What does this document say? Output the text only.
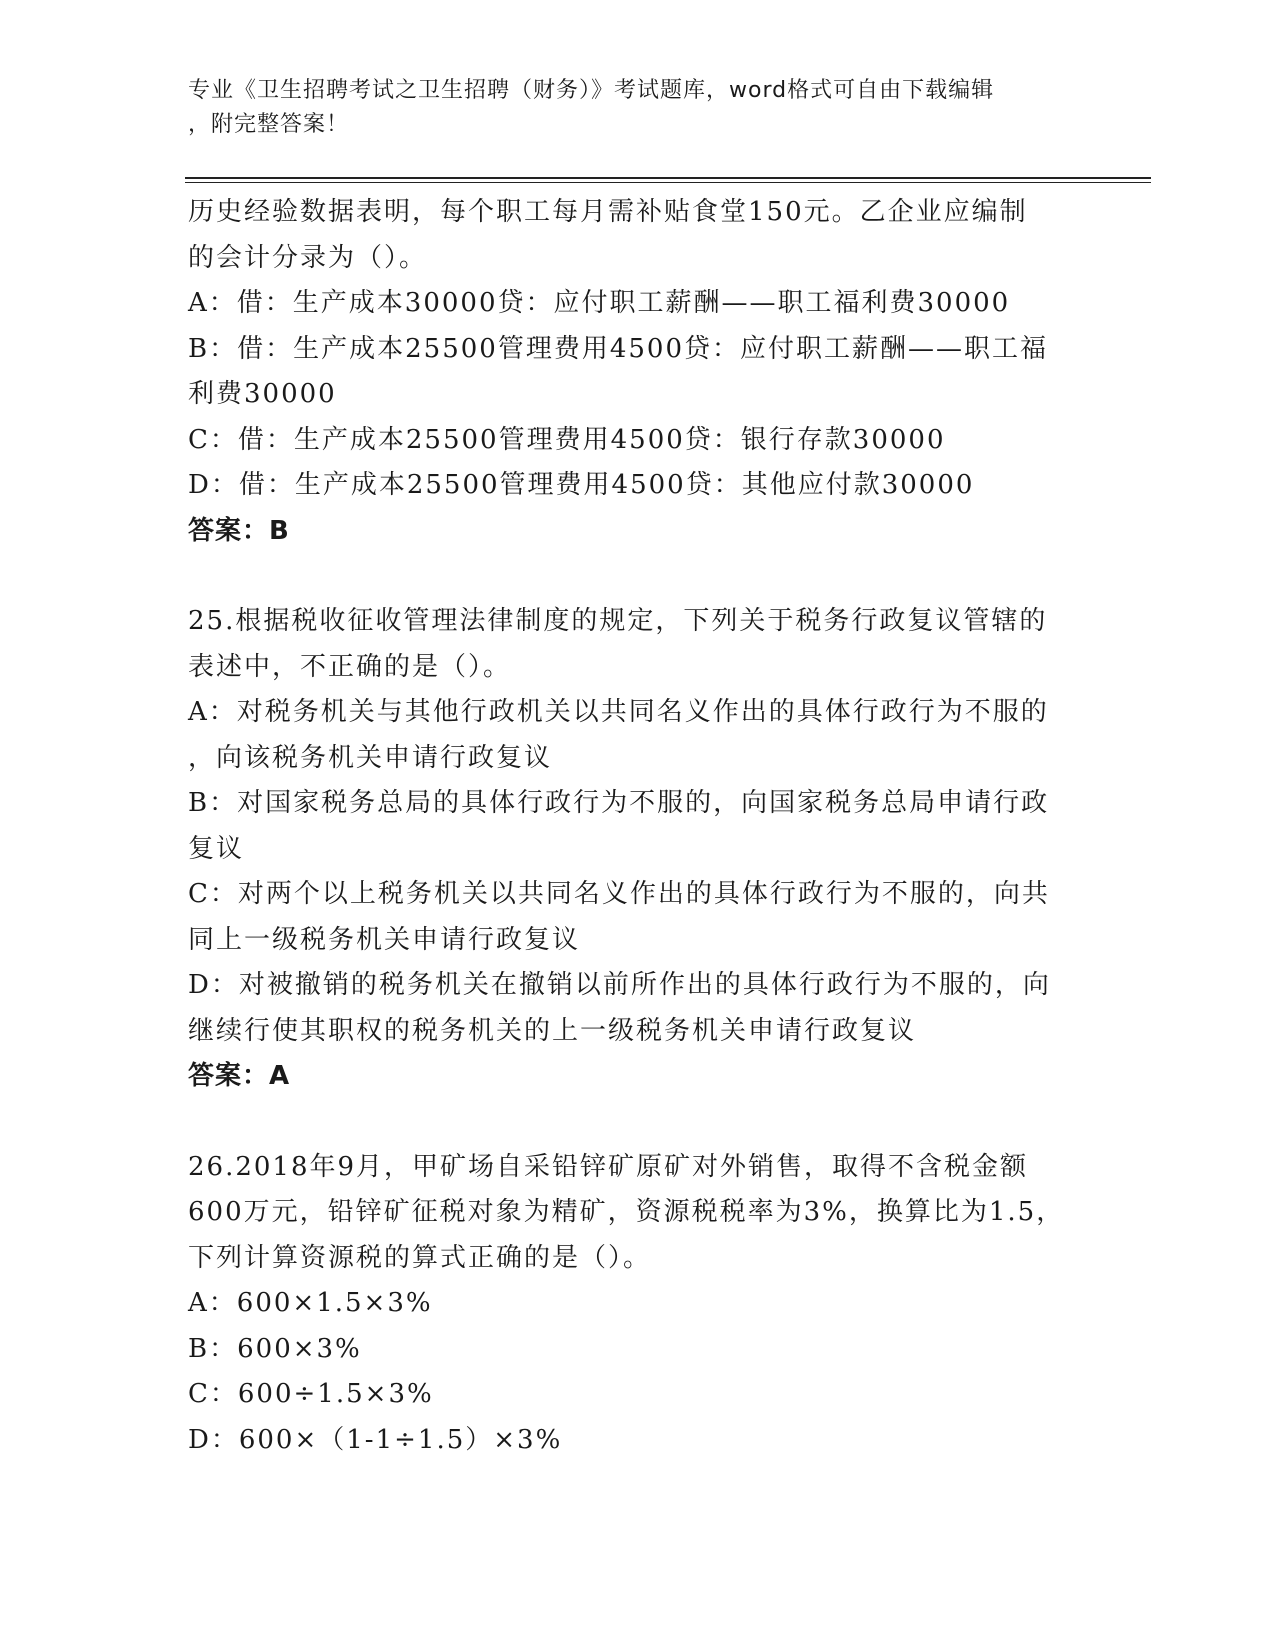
专业《卫生招聘考试之卫生招聘（财务）》考试题库，word格式可自由下载编辑
，附完整答案！
历史经验数据表明，每个职工每月需补贴食堂150元。乙企业应编制
的会计分录为（）。
A：借：生产成本30000贷：应付职工薪酬——职工福利费30000
B：借：生产成本25500管理费用4500贷：应付职工薪酬——职工福
利费30000
C：借：生产成本25500管理费用4500贷：银行存款30000
D：借：生产成本25500管理费用4500贷：其他应付款30000
答案：B
25.根据税收征收管理法律制度的规定，下列关于税务行政复议管辖的
表述中，不正确的是（）。
A：对税务机关与其他行政机关以共同名义作出的具体行政行为不服的
，向该税务机关申请行政复议
B：对国家税务总局的具体行政行为不服的，向国家税务总局申请行政
复议
C：对两个以上税务机关以共同名义作出的具体行政行为不服的，向共
同上一级税务机关申请行政复议
D：对被撤销的税务机关在撤销以前所作出的具体行政行为不服的，向
继续行使其职权的税务机关的上一级税务机关申请行政复议
答案：A
26.2018年9月，甲矿场自采铅锌矿原矿对外销售，取得不含税金额
600万元，铅锌矿征税对象为精矿，资源税税率为3%，换算比为1.5，
下列计算资源税的算式正确的是（）。
A：600×1.5×3%
B：600×3%
C：600÷1.5×3%
D：600×（1-1÷1.5）×3%
